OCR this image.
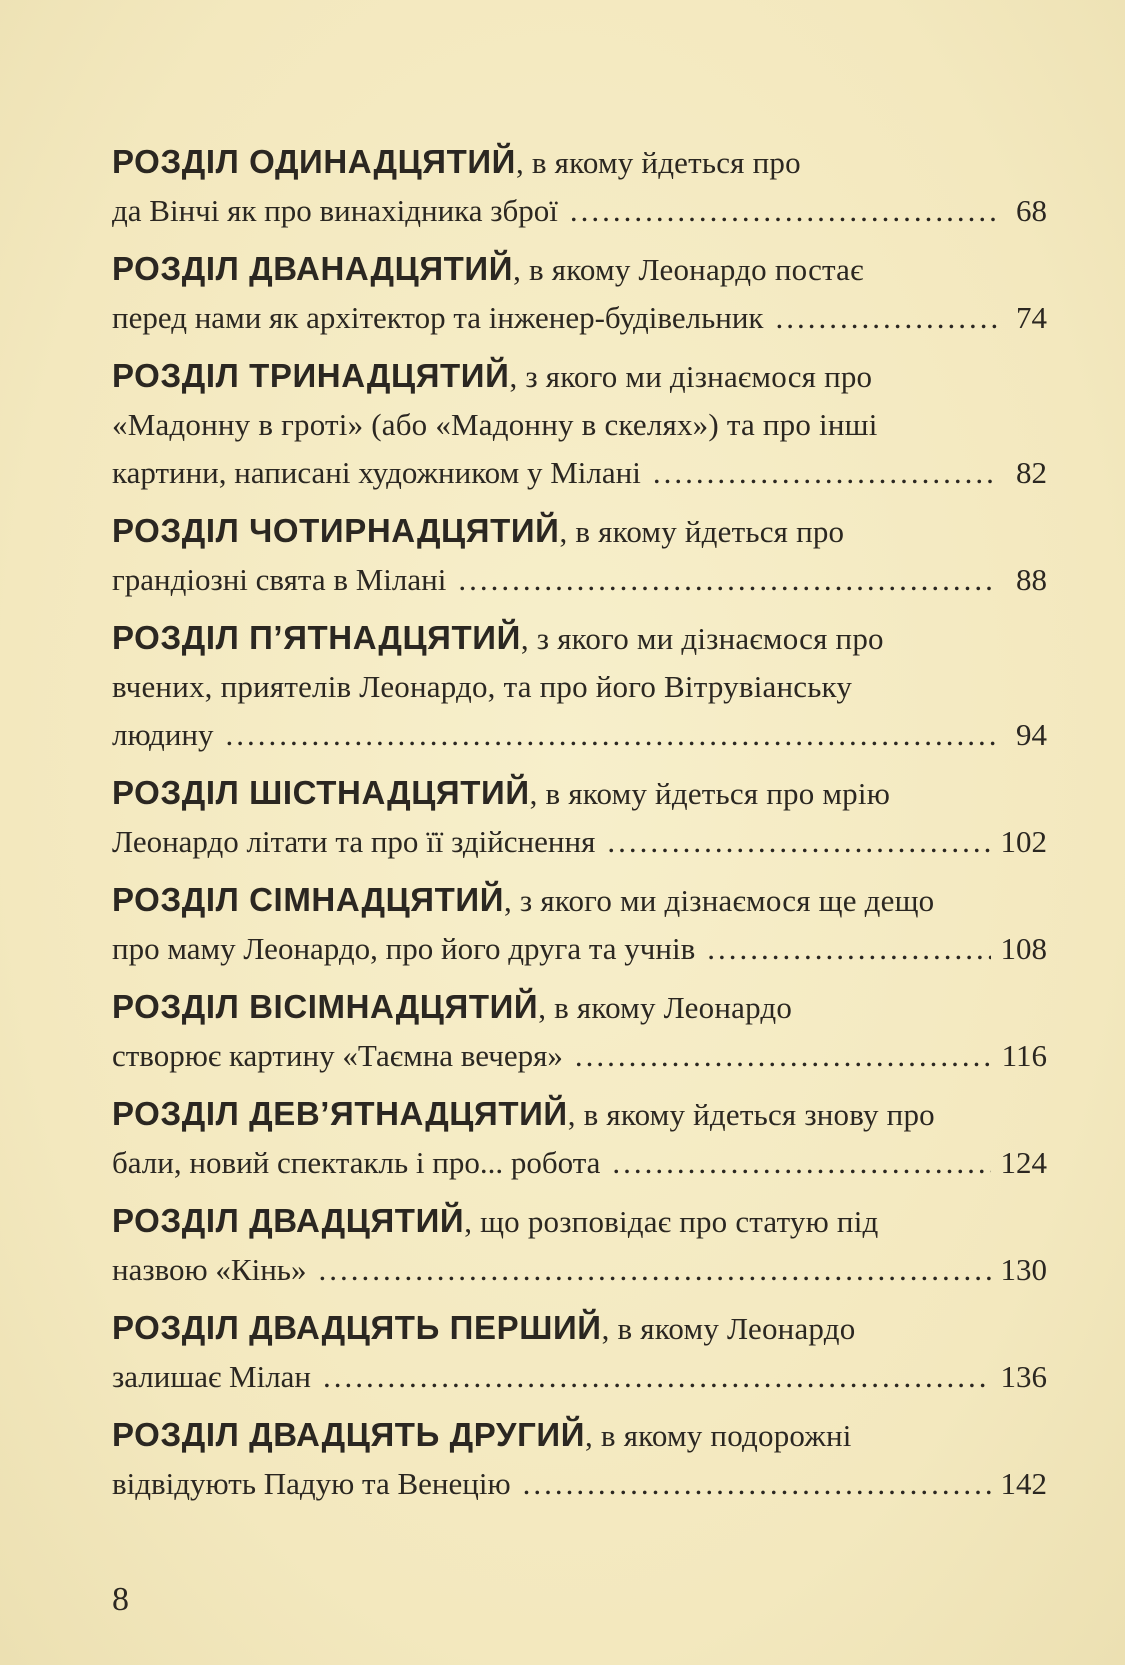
РОЗДІЛ ОДИНАДЦЯТИЙ, в якому йдеться про
да Вінчі як про винахідника зброї .....	68
РОЗДІЛ ДВАНАДЦЯТИЙ, в якому Леонардо постає
перед нами як архітектор та інженер-будівельник .....	74
РОЗДІЛ ТРИНАДЦЯТИЙ, з якого ми дізнаємося про
«Мадонну в гроті» (або «Мадонну в скелях») та про інші
картини, написані художником у Мілані .....	82
РОЗДІЛ ЧОТИРНАДЦЯТИЙ, в якому йдеться про
грандіозні свята в Мілані .....	88
РОЗДІЛ П’ЯТНАДЦЯТИЙ, з якого ми дізнаємося про
вчених, приятелів Леонардо, та про його Вітрувіанську
людину .....	94
РОЗДІЛ ШІСТНАДЦЯТИЙ, в якому йдеться про мрію
Леонардо літати та про її здійснення .....	102
РОЗДІЛ СІМНАДЦЯТИЙ, з якого ми дізнаємося ще дещо
про маму Леонардо, про його друга та учнів .....	108
РОЗДІЛ ВІСІМНАДЦЯТИЙ, в якому Леонардо
створює картину «Таємна вечеря» .....	116
РОЗДІЛ ДЕВ’ЯТНАДЦЯТИЙ, в якому йдеться знову про
бали, новий спектакль і про... робота .....	124
РОЗДІЛ ДВАДЦЯТИЙ, що розповідає про статую під
назвою «Кінь» .....	130
РОЗДІЛ ДВАДЦЯТЬ ПЕРШИЙ, в якому Леонардо
залишає Мілан .....	136
РОЗДІЛ ДВАДЦЯТЬ ДРУГИЙ, в якому подорожні
відвідують Падую та Венецію .....	142
8
